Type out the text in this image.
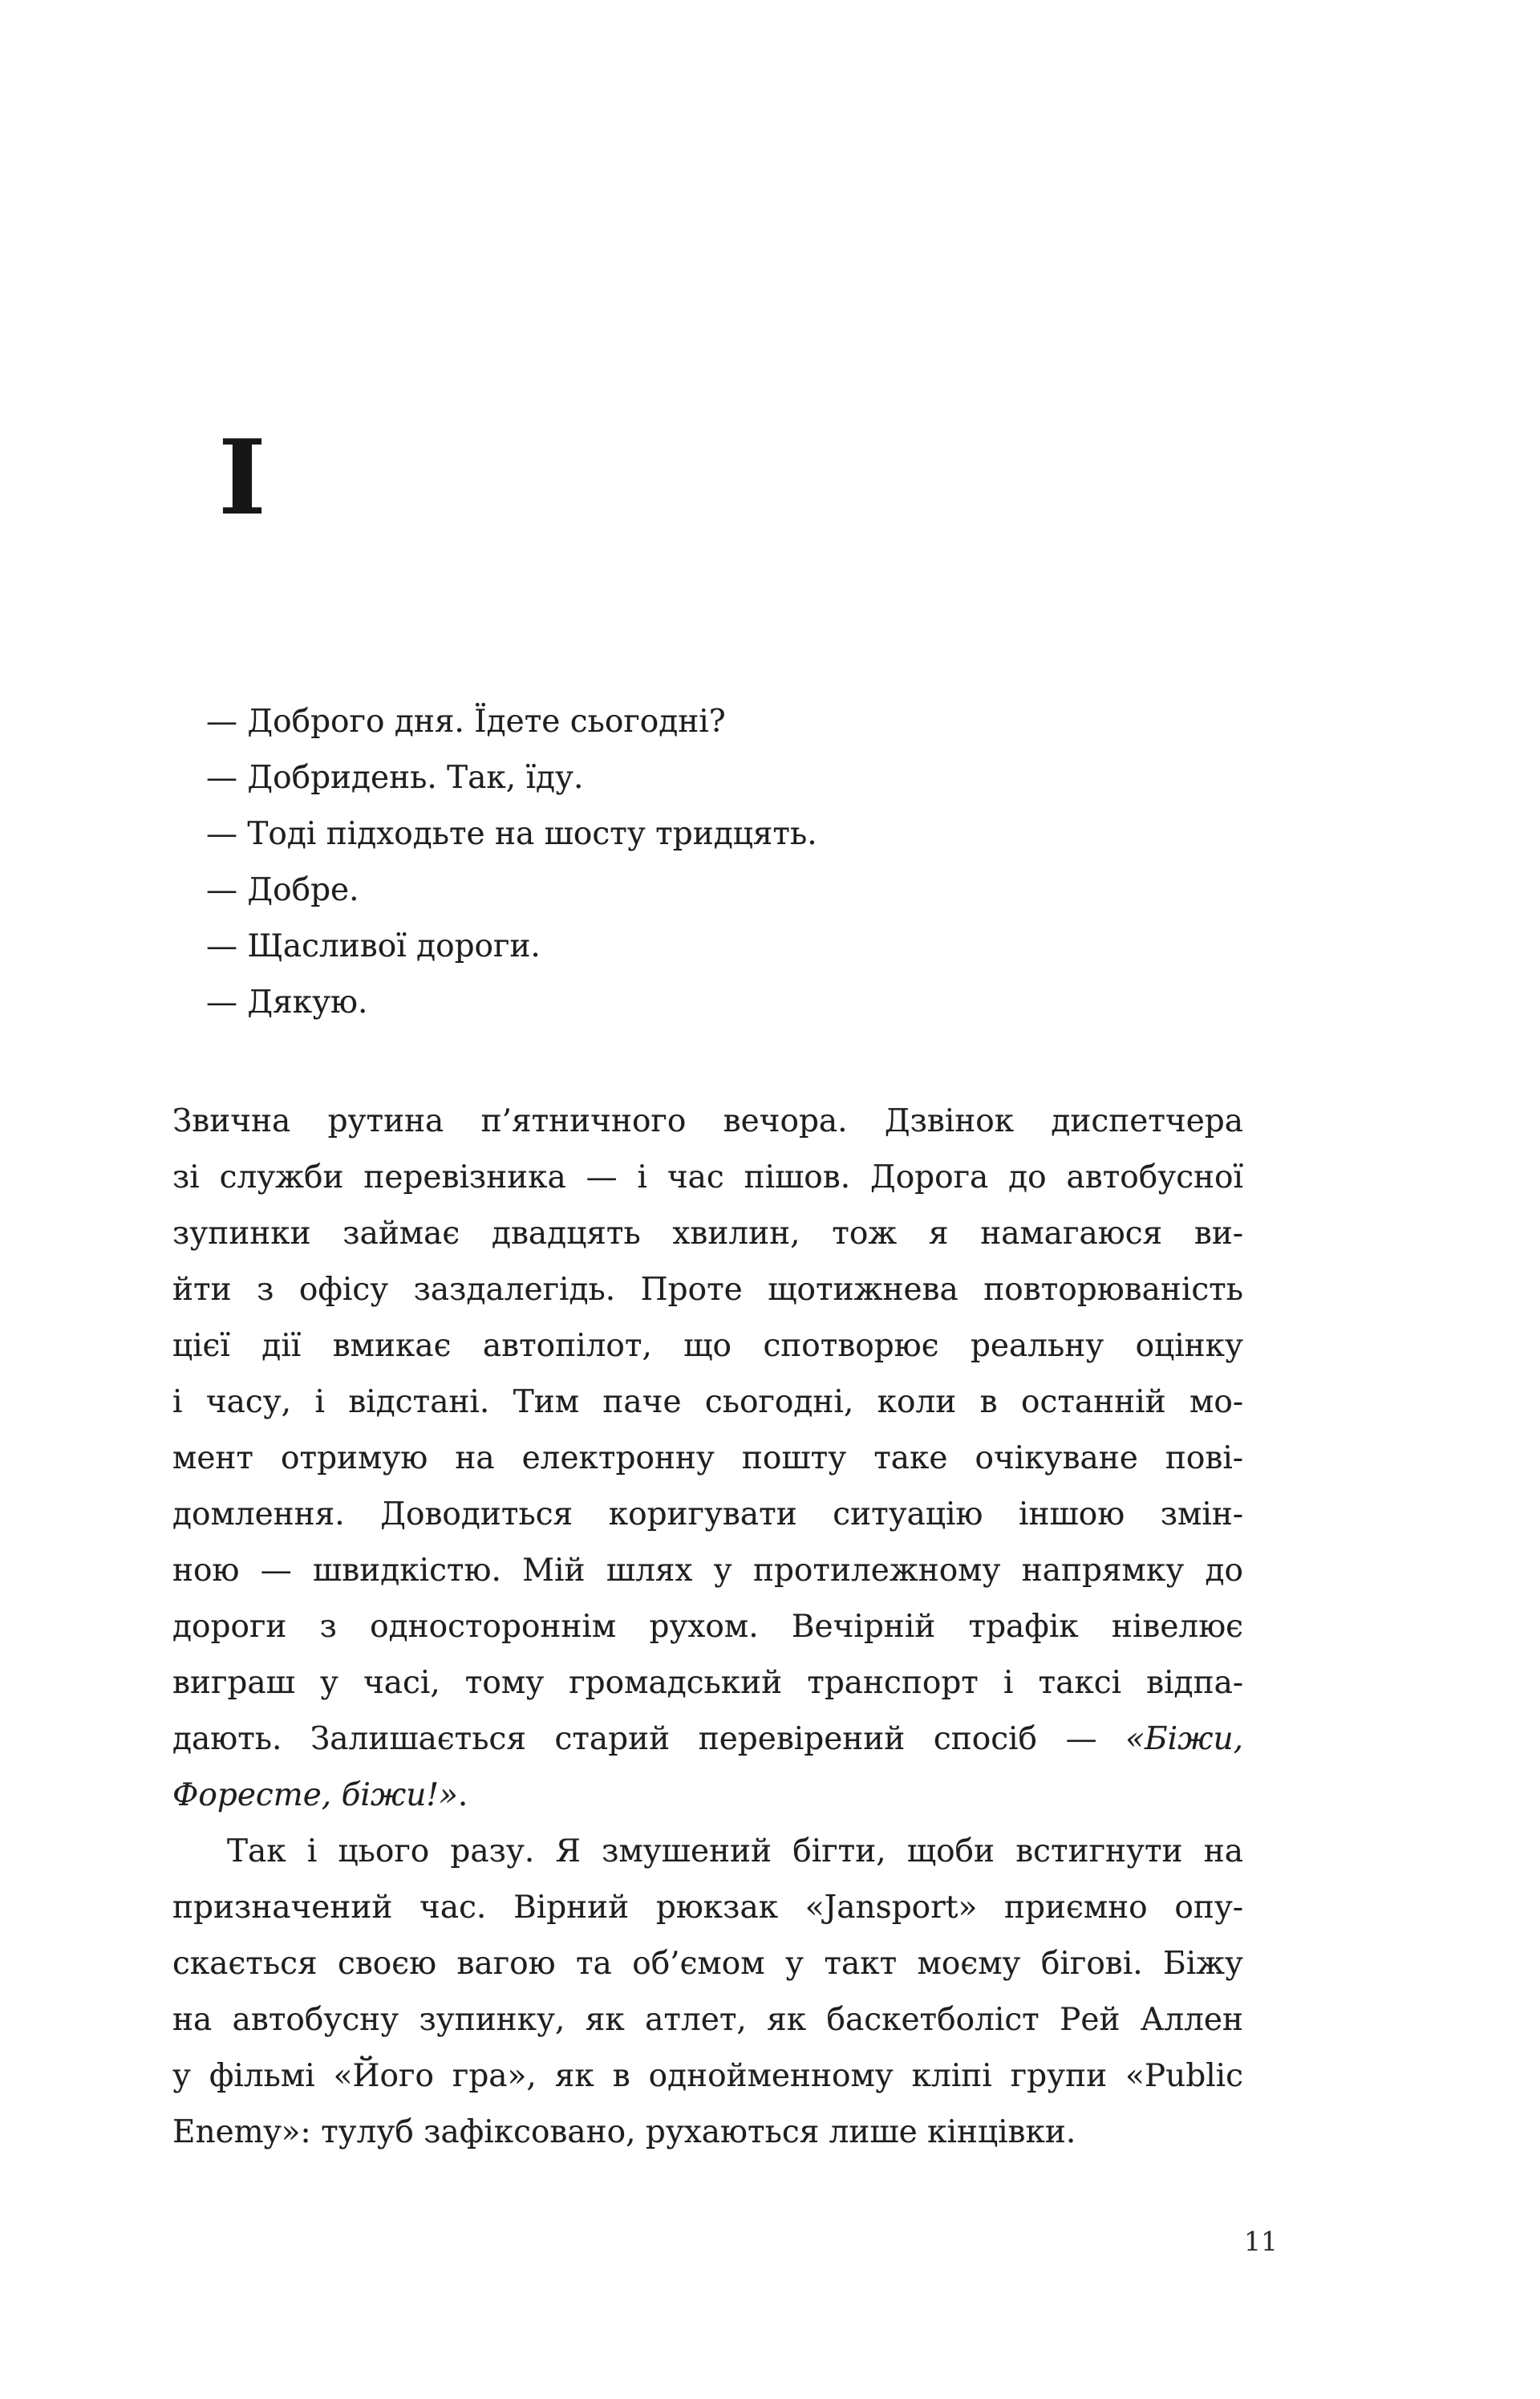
I
— Доброго дня. Їдете сьогодні?
— Добридень. Так, їду.
— Тоді підходьте на шосту тридцять.
— Добре.
— Щасливої дороги.
— Дякую.
Звична рутина п’ятничного вечора. Дзвінок диспетчера
зі служби перевізника — і час пішов. Дорога до автобусної
зупинки займає двадцять хвилин, тож я намагаюся ви-
йти з офісу заздалегідь. Проте щотижнева повторюваність
цієї дії вмикає автопілот, що спотворює реальну оцінку
і часу, і відстані. Тим паче сьогодні, коли в останній мо-
мент отримую на електронну пошту таке очікуване пові-
домлення. Доводиться коригувати ситуацію іншою змін-
ною — швидкістю. Мій шлях у протилежному напрямку до
дороги з одностороннім рухом. Вечірній трафік нівелює
виграш у часі, тому громадський транспорт і таксі відпа-
дають. Залишається старий перевірений спосіб — «Біжи,
Форесте, біжи!».
Так і цього разу. Я змушений бігти, щоби встигнути на
призначений час. Вірний рюкзак «Jansport» приємно опу-
скається своєю вагою та об’ємом у такт моєму бігові. Біжу
на автобусну зупинку, як атлет, як баскетболіст Рей Аллен
у фільмі «Його гра», як в однойменному кліпі групи «Public
Enemy»: тулуб зафіксовано, рухаються лише кінцівки.
11
